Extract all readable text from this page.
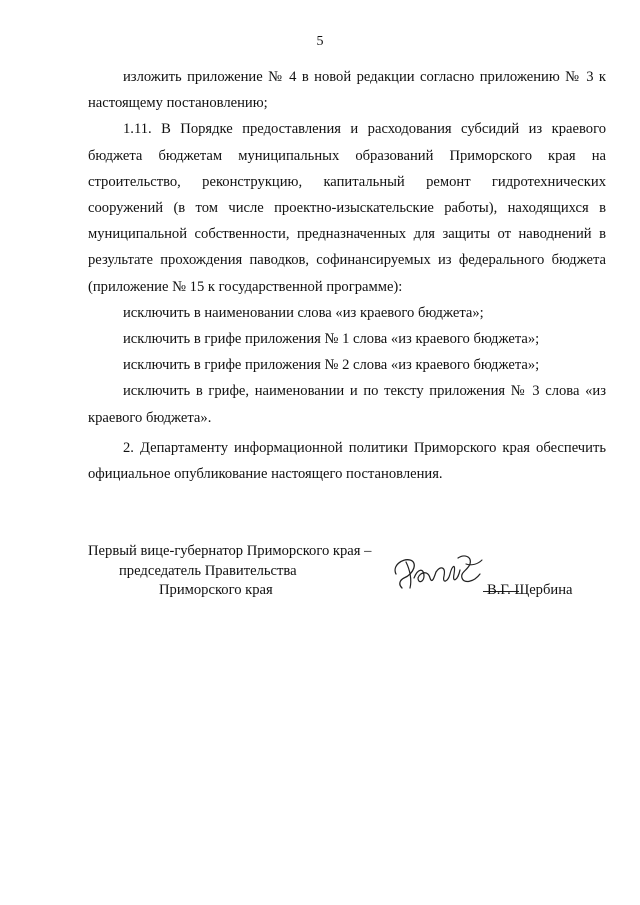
5

изложить приложение № 4 в новой редакции согласно приложению № 3 к настоящему постановлению;

1.11. В Порядке предоставления и расходования субсидий из краевого бюджета бюджетам муниципальных образований Приморского края на строительство, реконструкцию, капитальный ремонт гидротехнических сооружений (в том числе проектно-изыскательские работы), находящихся в муниципальной собственности, предназначенных для защиты от наводнений в результате прохождения паводков, софинансируемых из федерального бюджета (приложение № 15 к государственной программе):

исключить в наименовании слова «из краевого бюджета»;

исключить в грифе приложения № 1 слова «из краевого бюджета»;

исключить в грифе приложения № 2 слова «из краевого бюджета»;

исключить в грифе, наименовании и по тексту приложения № 3 слова «из краевого бюджета».

2. Департаменту информационной политики Приморского края обеспечить официальное опубликование настоящего постановления.

Первый вице-губернатор Приморского края –
председатель Правительства
Приморского края	В.Г. Щербина
